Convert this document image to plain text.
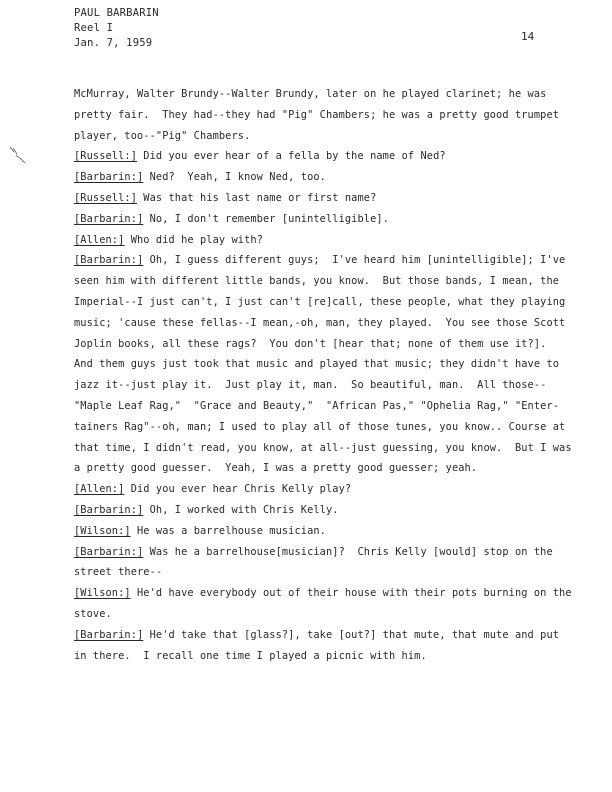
PAUL BARBARIN
Reel I
Jan. 7, 1959	14
McMurray, Walter Brundy--Walter Brundy, later on he played clarinet; he was
pretty fair.  They had--they had "Pig" Chambers; he was a pretty good trumpet
player, too--"Pig" Chambers.
[Russell:] Did you ever hear of a fella by the name of Ned?
[Barbarin:] Ned?  Yeah, I know Ned, too.
[Russell:] Was that his last name or first name?
[Barbarin:] No, I don't remember [unintelligible].
[Allen:] Who did he play with?
[Barbarin:] Oh, I guess different guys;  I've heard him [unintelligible]; I've
seen him with different little bands, you know.  But those bands, I mean, the
Imperial--I just can't, I just can't [re]call, these people, what they playing
music; 'cause these fellas--I mean,-oh, man, they played.  You see those Scott
Joplin books, all these rags?  You don't [hear that; none of them use it?].
And them guys just took that music and played that music; they didn't have to
jazz it--just play it.  Just play it, man.  So beautiful, man.  All those--
"Maple Leaf Rag,"  "Grace and Beauty,"  "African Pas," "Ophelia Rag," "Enter-
tainers Rag"--oh, man; I used to play all of those tunes, you know.. Course at
that time, I didn't read, you know, at all--just guessing, you know.  But I was
a pretty good guesser.  Yeah, I was a pretty good guesser; yeah.
[Allen:] Did you ever hear Chris Kelly play?
[Barbarin:] Oh, I worked with Chris Kelly.
[Wilson:] He was a barrelhouse musician.
[Barbarin:] Was he a barrelhouse[musician]?  Chris Kelly [would] stop on the
street there--
[Wilson:] He'd have everybody out of their house with their pots burning on the
stove.
[Barbarin:] He'd take that [glass?], take [out?] that mute, that mute and put
in there.  I recall one time I played a picnic with him.
